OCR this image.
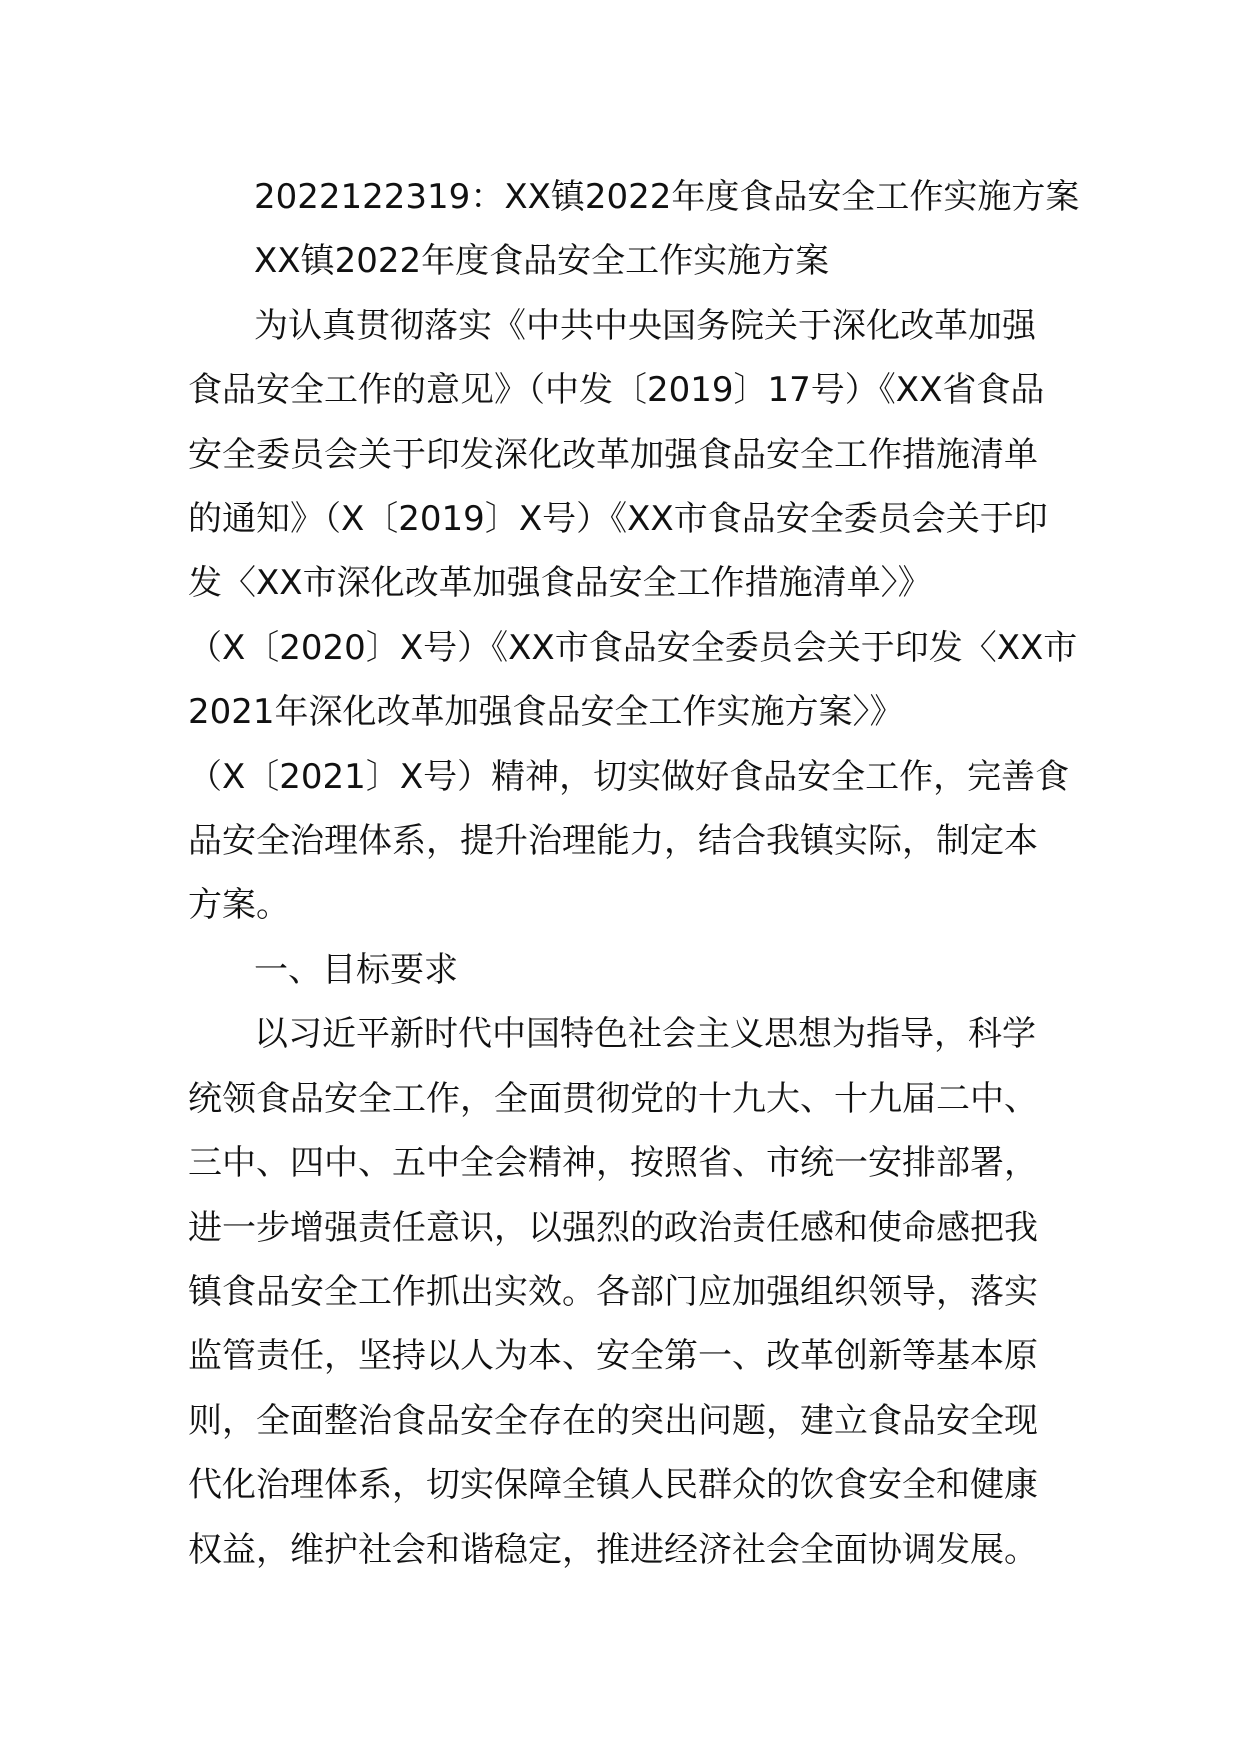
2022122319：XX镇2022年度食品安全工作实施方案

XX镇2022年度食品安全工作实施方案

为认真贯彻落实《中共中央国务院关于深化改革加强
食品安全工作的意见》（中发〔2019〕17号）《XX省食品
安全委员会关于印发深化改革加强食品安全工作措施清单
的通知》（X〔2019〕X号）《XX市食品安全委员会关于印
发〈XX市深化改革加强食品安全工作措施清单〉》
（X〔2020〕X号）《XX市食品安全委员会关于印发〈XX市
2021年深化改革加强食品安全工作实施方案〉》
（X〔2021〕X号）精神，切实做好食品安全工作，完善食
品安全治理体系，提升治理能力，结合我镇实际，制定本
方案。

一、目标要求

以习近平新时代中国特色社会主义思想为指导，科学
统领食品安全工作，全面贯彻党的十九大、十九届二中、
三中、四中、五中全会精神，按照省、市统一安排部署，
进一步增强责任意识，以强烈的政治责任感和使命感把我
镇食品安全工作抓出实效。各部门应加强组织领导，落实
监管责任，坚持以人为本、安全第一、改革创新等基本原
则，全面整治食品安全存在的突出问题，建立食品安全现
代化治理体系，切实保障全镇人民群众的饮食安全和健康
权益，维护社会和谐稳定，推进经济社会全面协调发展。
